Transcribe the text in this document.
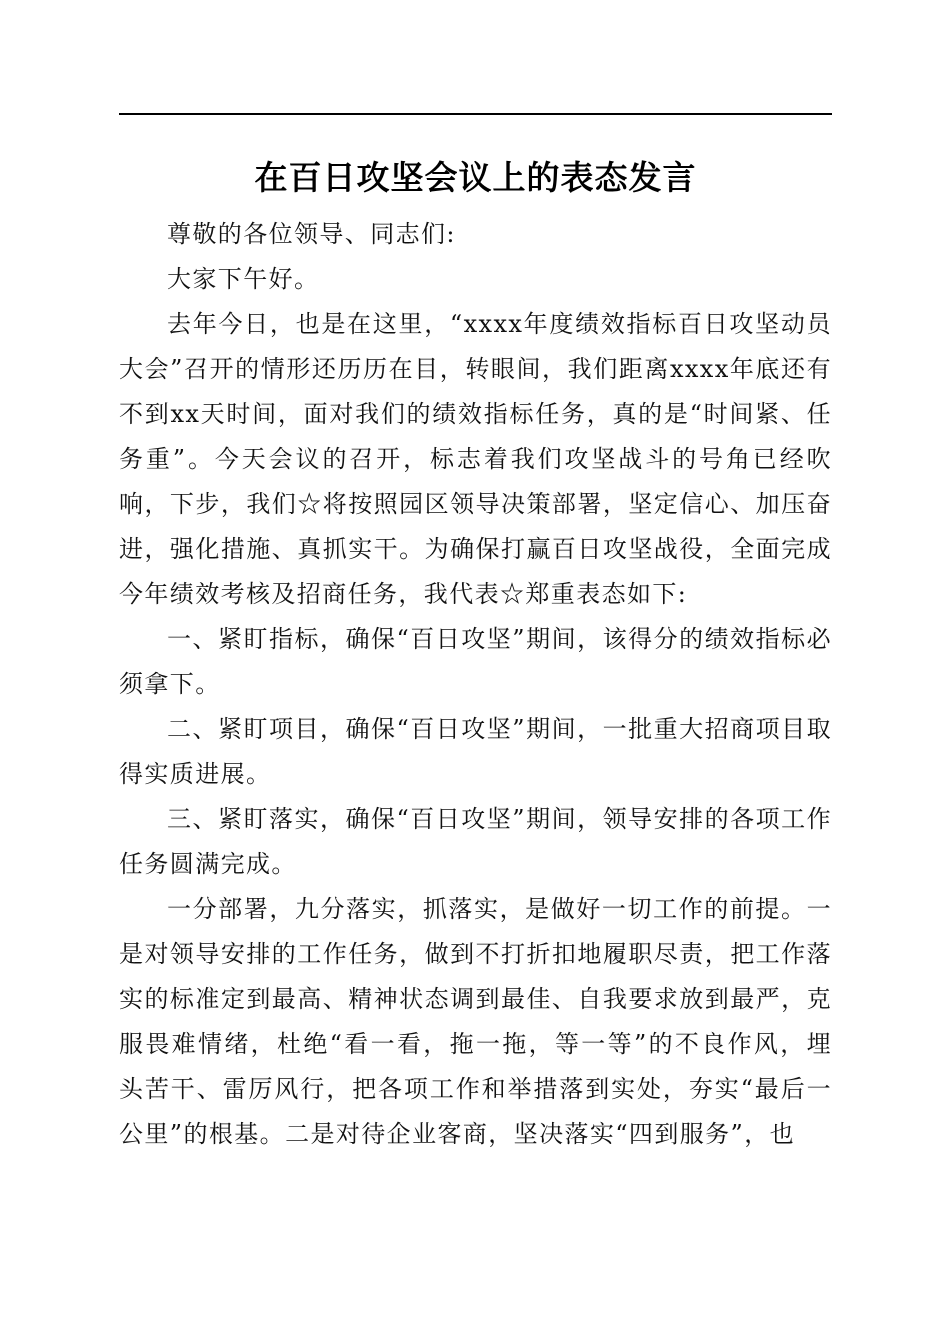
在百日攻坚会议上的表态发言

尊敬的各位领导、同志们:

大家下午好。

去年今日，也是在这里，“xxxx年度绩效指标百日攻坚动员大会”召开的情形还历历在目，转眼间，我们距离xxxx年底还有不到xx天时间，面对我们的绩效指标任务，真的是“时间紧、任务重”。今天会议的召开，标志着我们攻坚战斗的号角已经吹响，下步，我们☆将按照园区领导决策部署，坚定信心、加压奋进，强化措施、真抓实干。为确保打赢百日攻坚战役，全面完成今年绩效考核及招商任务，我代表☆郑重表态如下:

一、紧盯指标，确保“百日攻坚”期间，该得分的绩效指标必须拿下。

二、紧盯项目，确保“百日攻坚”期间，一批重大招商项目取得实质进展。

三、紧盯落实，确保“百日攻坚”期间，领导安排的各项工作任务圆满完成。

一分部署，九分落实，抓落实，是做好一切工作的前提。一是对领导安排的工作任务，做到不打折扣地履职尽责，把工作落实的标准定到最高、精神状态调到最佳、自我要求放到最严，克服畏难情绪，杜绝“看一看，拖一拖，等一等”的不良作风，埋头苦干、雷厉风行，把各项工作和举措落到实处，夯实“最后一公里”的根基。二是对待企业客商，坚决落实“四到服务”，也
